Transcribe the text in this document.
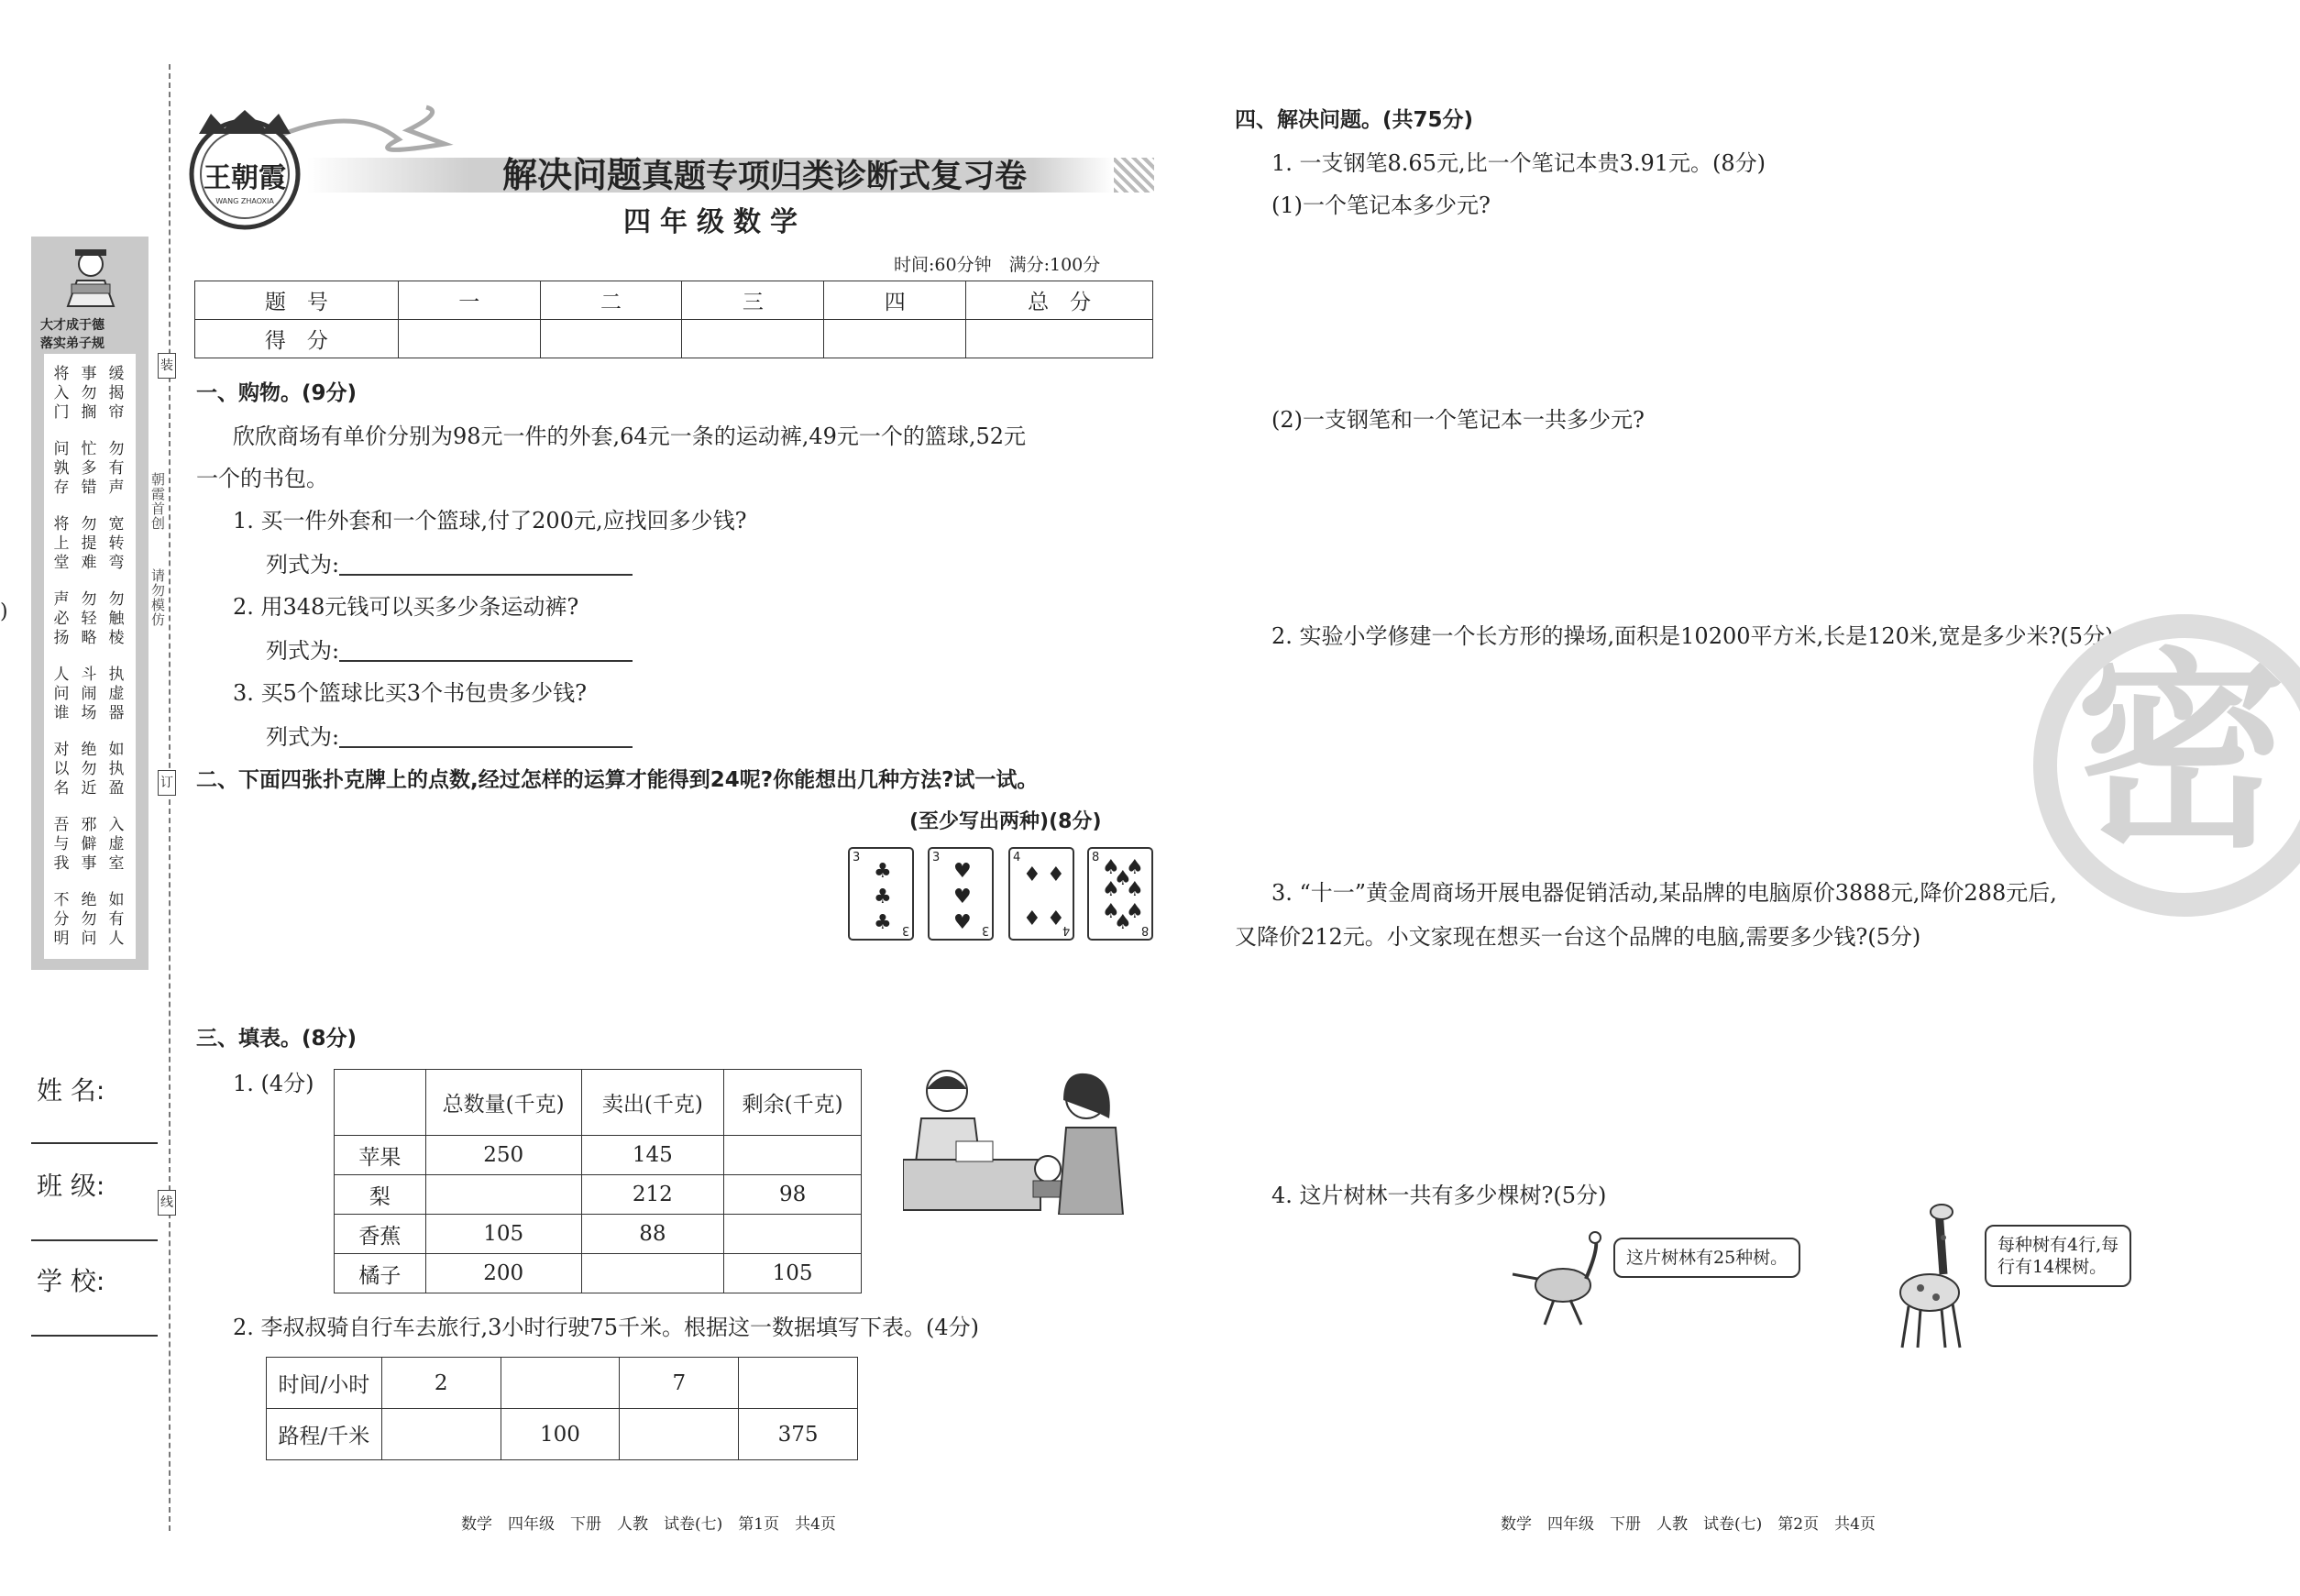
大才成于德
落实弟子规
将入门
事勿搁
缓揭帘
问孰存
忙多错
勿有声
将上堂
勿提难
宽转弯
声必扬
勿轻略
勿触棱
人问谁
斗闹场
执虚器
对以名
绝勿近
如执盈
吾与我
邪僻事
入虚室
不分明
绝勿问
如有人
装
订
线
朝霞首创
请勿模仿
)
姓 名:
班 级:
学 校:
王朝霞
WANG ZHAOXIA
解决问题真题专项归类诊断式复习卷
四年级数学
时间:60分钟　满分:100分
题　号	一	二	三	四	总　分
得　分					
一、购物。(9分)
欣欣商场有单价分别为98元一件的外套,64元一条的运动裤,49元一个的篮球,52元
一个的书包。
1. 买一件外套和一个篮球,付了200元,应找回多少钱?
列式为:
2. 用348元钱可以买多少条运动裤?
列式为:
3. 买5个篮球比买3个书包贵多少钱?
列式为:
二、下面四张扑克牌上的点数,经过怎样的运算才能得到24呢?你能想出几种方法?试一试。
(至少写出两种)(8分)
3
3
♣
♣
♣
3
3
♥
♥
♥
4
4
♦ ♦
♦ ♦
8
8
♠ ♠
♠ ♠
♠ ♠
♠
♠
三、填表。(8分)
1. (4分)
	总数量(千克)	卖出(千克)	剩余(千克)
苹果	250	145	
梨		212	98
香蕉	105	88	
橘子	200		105
2. 李叔叔骑自行车去旅行,3小时行驶75千米。根据这一数据填写下表。(4分)
时间/小时	2		7	
路程/千米		100		375
数学　四年级　下册　人教　试卷(七)　第1页　共4页
四、解决问题。(共75分)
1. 一支钢笔8.65元,比一个笔记本贵3.91元。(8分)
(1)一个笔记本多少元?
(2)一支钢笔和一个笔记本一共多少元?
2. 实验小学修建一个长方形的操场,面积是10200平方米,长是120米,宽是多少米?(5分)
3. “十一”黄金周商场开展电器促销活动,某品牌的电脑原价3888元,降价288元后,
又降价212元。小文家现在想买一台这个品牌的电脑,需要多少钱?(5分)
4. 这片树林一共有多少棵树?(5分)
密
这片树林有25种树。
每种树有4行,每
行有14棵树。
数学　四年级　下册　人教　试卷(七)　第2页　共4页
